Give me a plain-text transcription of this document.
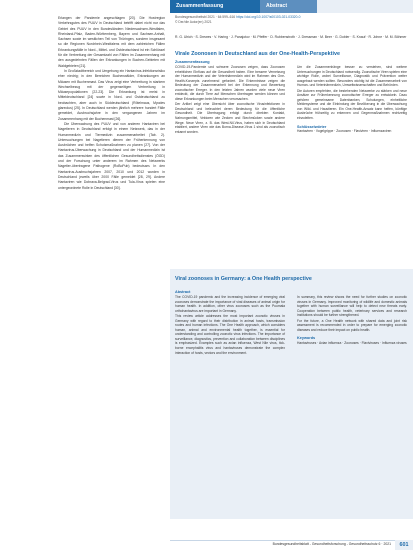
Erlangen der Pandemie angeschlagen [20]. Die Hostregion Verkehrsgutes des PUUV in Deutschland betrifft dabei nicht nur das Gebiet des PUUV in den Bundesländern Niedersachsen-Westfalen, Rheinland-Pfalz, Baden-Württemberg, Bayern und Sachsen-Anhalt, Sachsen sowie im westlichen Teil von Thüringen, sondern insgesamt so die Regionen Nordrhein-Westfalens mit dem zahlreichen Fällen Erkrankungsfälle in Nord-, Mittel- und Ostdeutschland ist ein Schlüssel für die Verbreitung der Gesamtzahl von Fällen im Zusammenhang mit den ausgedehnten Fällen der Erkrankungen in Buchen-Gebieten mit Waldgebieten [21].

In Großstadtbereich und Umgebung ein Hantavirus-Infektionsrisiko eher niedrig; in den Bereichen Buchenwälder, Erkrankungen an Mäusen mit Buchenmast. Das Virus zeigt eine Verbreitung in starkem Wechselbezug mit der gegenseitigen Verbreitung in Mäusepopulationen [22-23]. Die Erkrankung ist meist in Mitteldeutschland [24] sowie in Nord- und Ostdeutschland zu beobachten, aber auch in Süddeutschland (Rötelmaus, Myodes glareolus) [25]. In Deutschland werden jährlich mehrere hundert Fälle gemeldet, Ausbruchsjahre in den vergangenen Jahren im Zusammenhang mit der Buchenmast [26].

Die Überwachung des PUUV und von anderen Hantaviren bei Nagetieren in Deutschland erfolgt in einem Netzwerk, das in der Humanmedizin und Tiermedizin zusammenarbeitet (Tab. 2). Untersuchungen bei Nagetieren dienen der Früherkennung von Ausbrüchen und helfen Schutzmaßnahmen zu planen [27]. Von der Hantavirus-Überwachung in Deutschland und der Humanmedizin ist das Zusammenwirken des öffentlichen Gesundheitsdienstes (ÖGD) und der Forschung unter anderem im Rahmen des Netzwerks Nagetier-übertragene Pathogene (RoBoPub) bedeutsam. In den Hantavirus-Ausbruchsjahren 2007, 2010 und 2012 wurden in Deutschland jeweils über 2000 Fälle gemeldet [28, 29]. Andere Hantaviren wie Dobrava-Belgrad-Virus und Tula-Virus spielen eine untergeordnete Rolle in Deutschland [30].

Zusammenfassung	Abstract
Bundesgesundheitsbl 2021 · 64:599–616 https://doi.org/10.1007/s00103-021-03320-0
© Der/die Autor(en) 2021
R. G. Ulrich · S. Drewes · V. Haring · J. Panajotov · M. Pfeffer · D. Rubbenstroth · J. Dressman · M. Beer · G. Dobler · S. Knauf · R. Johne · M. M. Böhmer
Virale Zoonosen in Deutschland aus der One-Health-Perspektive
Zusammenfassung

COVID-19-Pandemie und schwere Zoonosen zeigen, dass Zoonosen erheblichen Einfluss auf die Gesundheit haben. Eine bessere Vernetzung der Humanmedizin und der Veterinärmedizin wird im Rahmen des One-Health-Konzepts zunehmend gefordert. Die Erkenntnisse zeigen die Bedeutung der Zusammenarbeit bei der Erkennung und Bewertung zoonotischer Erreger. In den letzten Jahren wurden viele neue Viren entdeckt, die durch Tiere auf Menschen übertragen werden können und diese Erkrankungen beim Menschen verursachen.

Der Artikel zeigt eine Übersicht über zoonotische Virusinfektionen in Deutschland und beleuchtet deren Bedeutung für die öffentliche Gesundheit. Die Übertragung erfolgt durch direkten Kontakt, Nahrungsmittel, Vektoren wie Zecken und Stechmücken sowie andere Wege. Neue Viren, z. B. das West-Nil-Virus, haben sich in Deutschland etabliert, andere Viren wie das Borna-Disease-Virus 1 sind als zoonotisch erkannt worden.

Um die Zusammenhänge besser zu verstehen, sind weitere Untersuchungen in Deutschland notwendig. Zoonotische Viren spielen eine wichtige Rolle, wobei Surveillance, Diagnostik und Prävention weiter ausgebaut werden sollten. Besonders wichtig ist die Zusammenarbeit von Human- und Veterinärmedizin, Umweltwissenschaften und Behörden.

Die Autoren empfehlen, die bestehenden Netzwerke zu stärken und neue Ansätze zur Früherkennung zoonotischer Erreger zu entwickeln. Dazu gehören gemeinsame Datenbanken, Schulungen, einheitliche Meldesysteme und die Einbindung der Bevölkerung in die Überwachung von Wild- und Haustieren. Ein One-Health-Ansatz kann helfen, künftige Ausbrüche frühzeitig zu erkennen und Gegenmaßnahmen rechtzeitig einzuleiten.

Schlüsselwörter
Hantaviren · Vogelgrippe · Zoonosen · Flaviviren · Influenzaviren
Viral zoonoses in Germany: a One Health perspective
Abstract

The COVID-19 pandemic and the increasing incidence of emerging viral zoonoses demonstrate the importance of viral diseases of animal origin for human health. In addition, other virus zoonoses such as the Puumala orthohantavirus are important in Germany.

This review article addresses the most important zoonotic viruses in Germany with regard to their distribution in animal hosts, transmission routes and human infections. The One Health approach, which considers human, animal and environmental health together, is essential for understanding and controlling zoonotic virus infections. The importance of surveillance, diagnostics, prevention and collaboration between disciplines is emphasized. Examples such as avian influenza, West Nile virus, tick-borne encephalitis virus and hantaviruses demonstrate the complex interaction of hosts, vectors and the environment.

In summary, this review shows the need for further studies on zoonotic viruses in Germany. Improved monitoring of wildlife and domestic animals together with human surveillance will help to detect new threats early. Cooperation between public health, veterinary services and research institutions should be further strengthened.

For the future, a One Health network with shared data and joint risk assessment is recommended in order to prepare for emerging zoonotic diseases and reduce their impact on public health.

Keywords
Hantaviruses · Avian influenza · Zoonoses · Flaviviruses · Influenza viruses
Bundesgesundheitsblatt - Gesundheitsforschung - Gesundheitsschutz 6 · 2021	601
